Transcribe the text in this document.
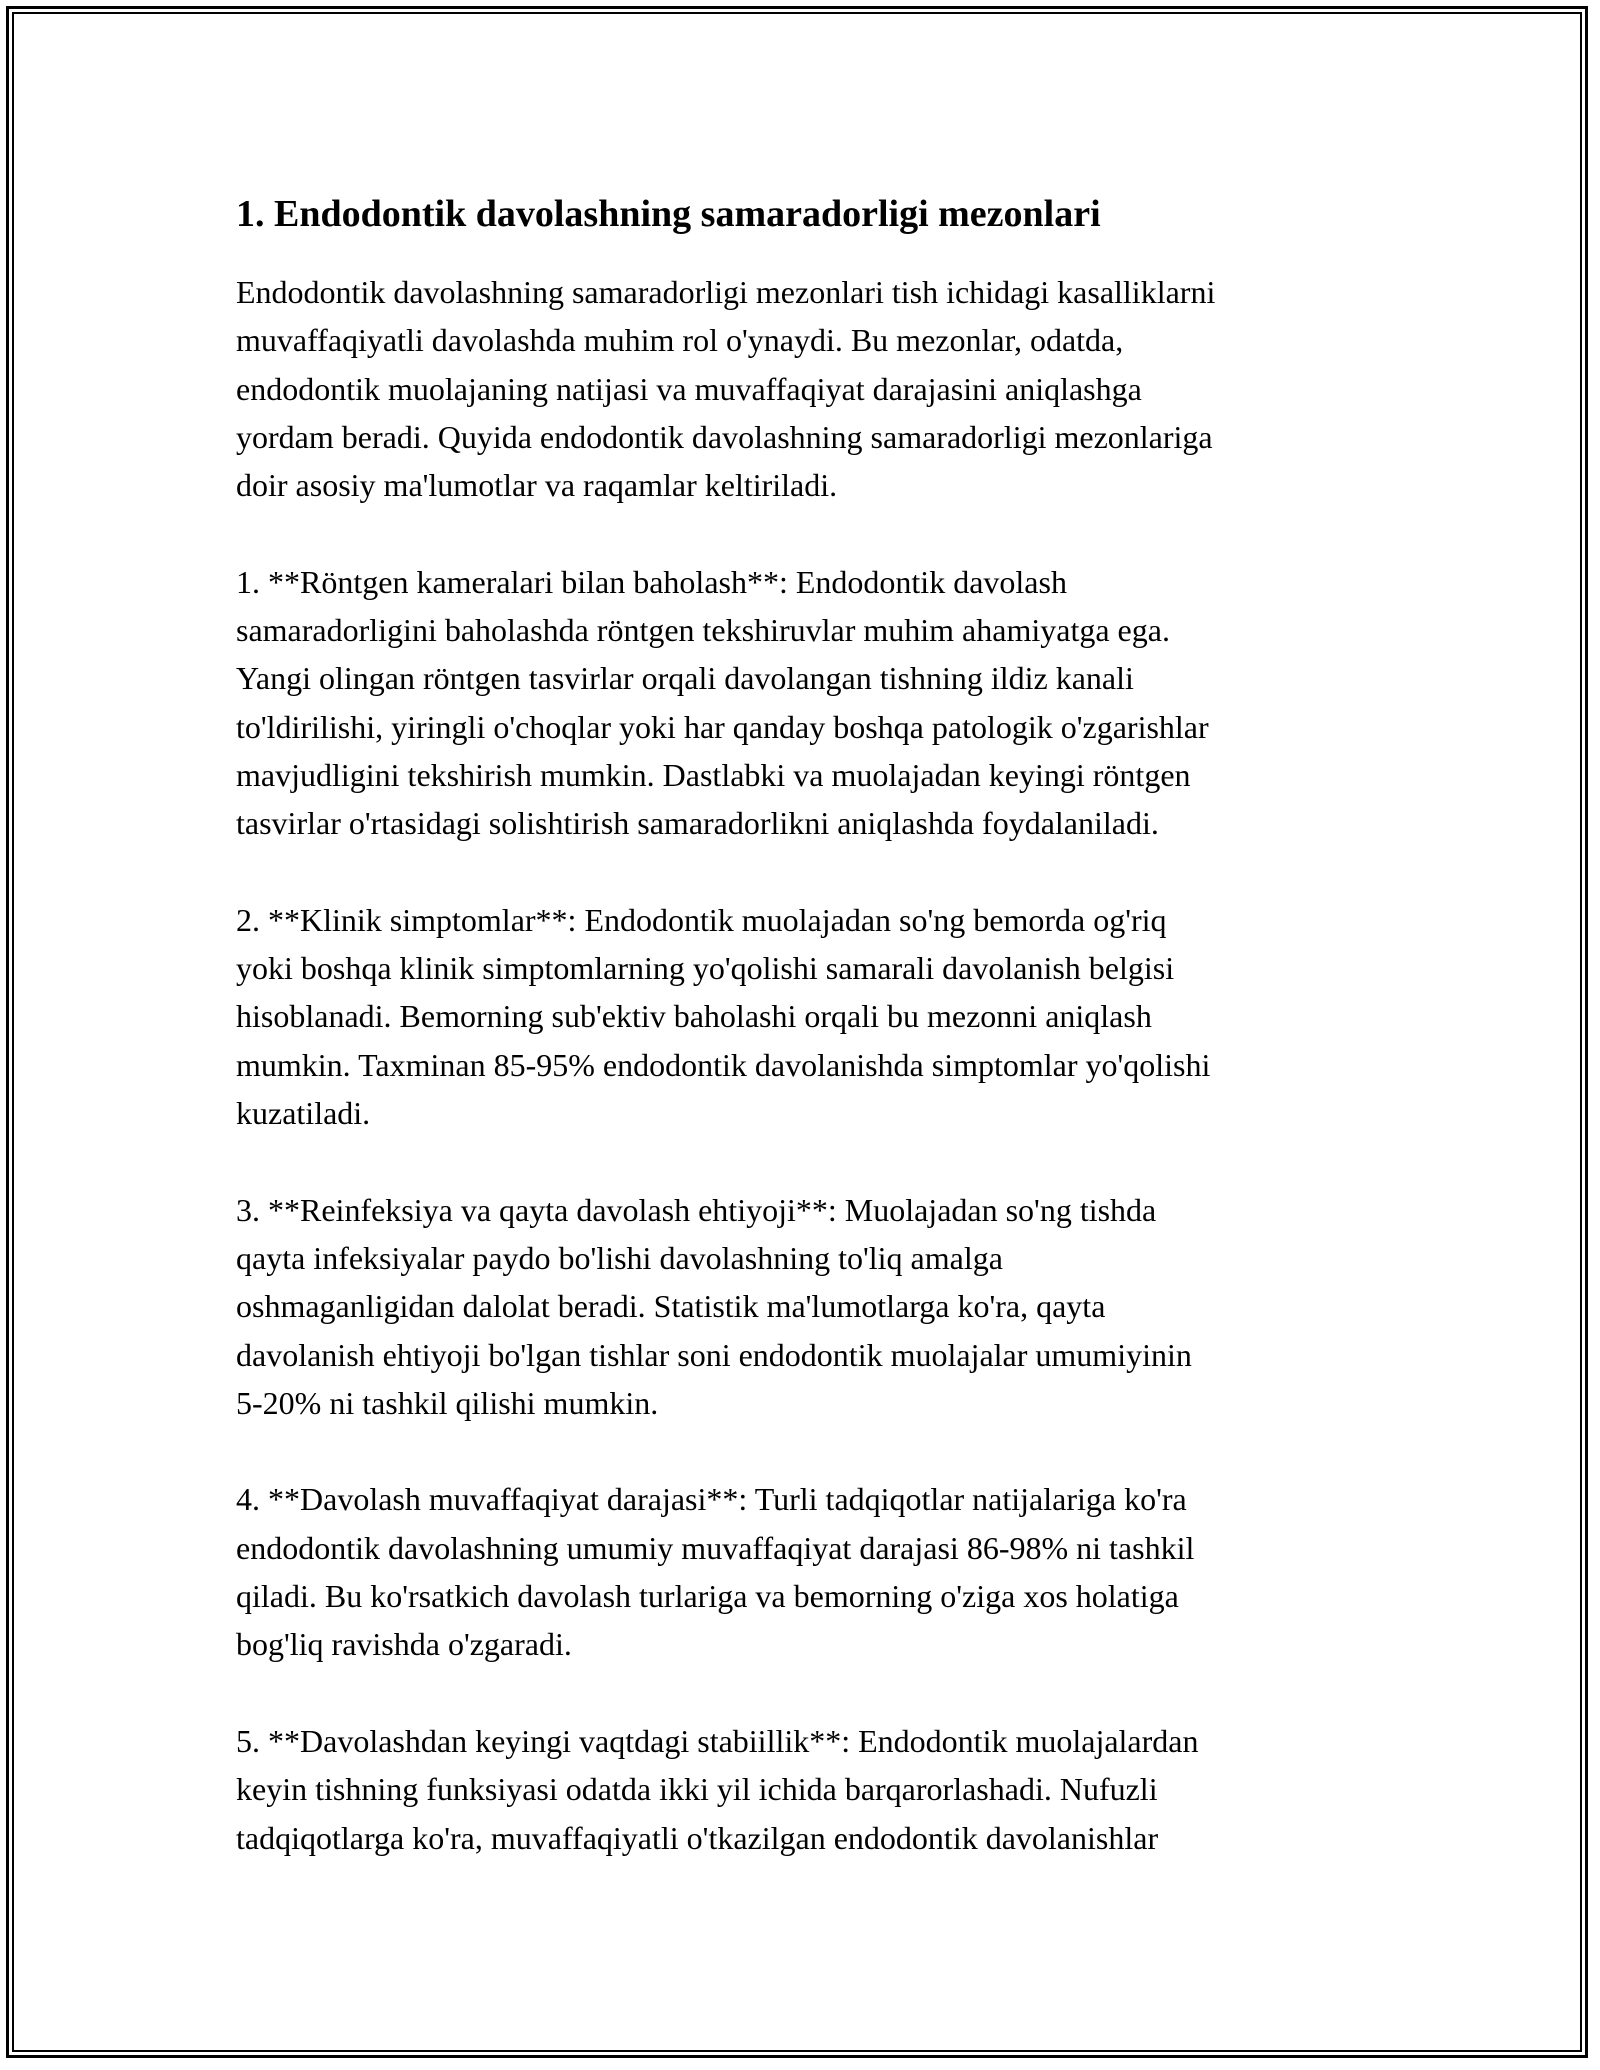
1. Endodontik davolashning samaradorligi mezonlari

Endodontik davolashning samaradorligi mezonlari tish ichidagi kasalliklarni
muvaffaqiyatli davolashda muhim rol o'ynaydi. Bu mezonlar, odatda,
endodontik muolajaning natijasi va muvaffaqiyat darajasini aniqlashga
yordam beradi. Quyida endodontik davolashning samaradorligi mezonlariga
doir asosiy ma'lumotlar va raqamlar keltiriladi.

1. **Röntgen kameralari bilan baholash**: Endodontik davolash
samaradorligini baholashda röntgen tekshiruvlar muhim ahamiyatga ega.
Yangi olingan röntgen tasvirlar orqali davolangan tishning ildiz kanali
to'ldirilishi, yiringli o'choqlar yoki har qanday boshqa patologik o'zgarishlar
mavjudligini tekshirish mumkin. Dastlabki va muolajadan keyingi röntgen
tasvirlar o'rtasidagi solishtirish samaradorlikni aniqlashda foydalaniladi.

2. **Klinik simptomlar**: Endodontik muolajadan so'ng bemorda og'riq
yoki boshqa klinik simptomlarning yo'qolishi samarali davolanish belgisi
hisoblanadi. Bemorning sub'ektiv baholashi orqali bu mezonni aniqlash
mumkin. Taxminan 85-95% endodontik davolanishda simptomlar yo'qolishi
kuzatiladi.

3. **Reinfeksiya va qayta davolash ehtiyoji**: Muolajadan so'ng tishda
qayta infeksiyalar paydo bo'lishi davolashning to'liq amalga
oshmaganligidan dalolat beradi. Statistik ma'lumotlarga ko'ra, qayta
davolanish ehtiyoji bo'lgan tishlar soni endodontik muolajalar umumiyinin
5-20% ni tashkil qilishi mumkin.

4. **Davolash muvaffaqiyat darajasi**: Turli tadqiqotlar natijalariga ko'ra
endodontik davolashning umumiy muvaffaqiyat darajasi 86-98% ni tashkil
qiladi. Bu ko'rsatkich davolash turlariga va bemorning o'ziga xos holatiga
bog'liq ravishda o'zgaradi.

5. **Davolashdan keyingi vaqtdagi stabiillik**: Endodontik muolajalardan
keyin tishning funksiyasi odatda ikki yil ichida barqarorlashadi. Nufuzli
tadqiqotlarga ko'ra, muvaffaqiyatli o'tkazilgan endodontik davolanishlar
